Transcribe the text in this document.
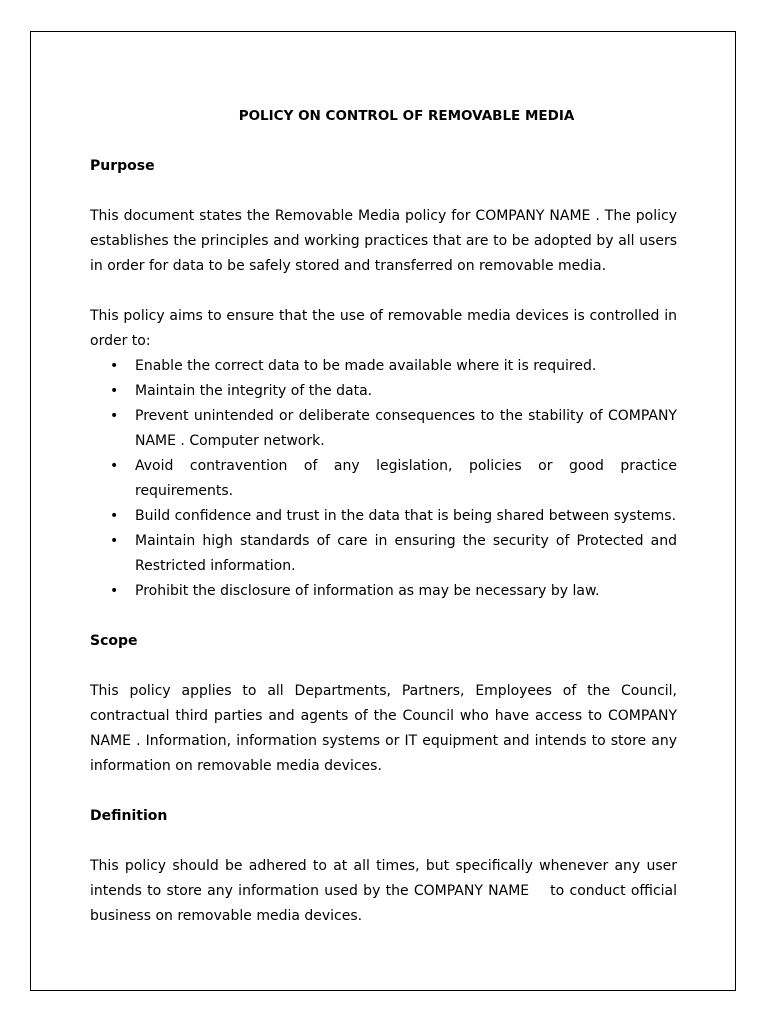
POLICY ON CONTROL OF REMOVABLE MEDIA
Purpose
This document states the Removable Media policy for COMPANY NAME . The policy establishes the principles and working practices that are to be adopted by all users in order for data to be safely stored and transferred on removable media.
This policy aims to ensure that the use of removable media devices is controlled in order to:
• Enable the correct data to be made available where it is required.
• Maintain the integrity of the data.
• Prevent unintended or deliberate consequences to the stability of COMPANY NAME . Computer network.
• Avoid contravention of any legislation, policies or good practice requirements.
• Build confidence and trust in the data that is being shared between systems.
• Maintain high standards of care in ensuring the security of Protected and Restricted information.
• Prohibit the disclosure of information as may be necessary by law.
Scope
This policy applies to all Departments, Partners, Employees of the Council, contractual third parties and agents of the Council who have access to COMPANY NAME . Information, information systems or IT equipment and intends to store any information on removable media devices.
Definition
This policy should be adhered to at all times, but specifically whenever any user intends to store any information used by the COMPANY NAME    to conduct official business on removable media devices.
